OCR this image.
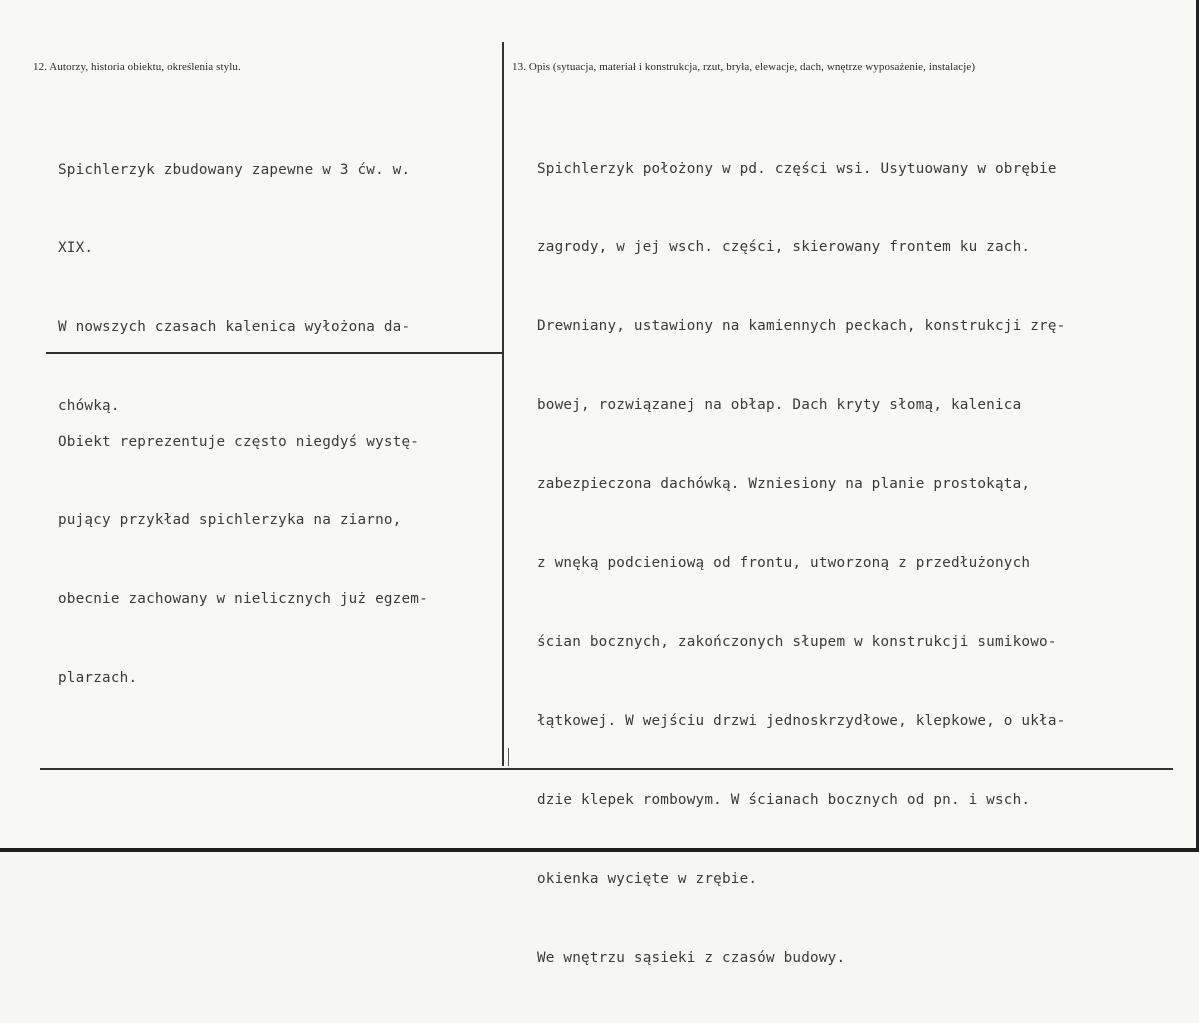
12. Autorzy, historia obiektu, określenia stylu.	13. Opis (sytuacja, materiał i konstrukcja, rzut, bryła, elewacje, dach, wnętrze wyposażenie, instalacje)

Spichlerzyk zbudowany zapewne w 3 ćw. w.

XIX.

W nowszych czasach kalenica wyłożona da-

chówką.

Obiekt reprezentuje często niegdyś wystę-

pujący przykład spichlerzyka na ziarno,

obecnie zachowany w nielicznych już egzem-

plarzach.

Spichlerzyk położony w pd. części wsi. Usytuowany w obrębie

zagrody, w jej wsch. części, skierowany frontem ku zach.

Drewniany, ustawiony na kamiennych peckach, konstrukcji zrę-

bowej, rozwiązanej na obłap. Dach kryty słomą, kalenica

zabezpieczona dachówką. Wzniesiony na planie prostokąta,

z wnęką podcieniową od frontu, utworzoną z przedłużonych

ścian bocznych, zakończonych słupem w konstrukcji sumikowo-

łątkowej. W wejściu drzwi jednoskrzydłowe, klepkowe, o ukła-

dzie klepek rombowym. W ścianach bocznych od pn. i wsch.

okienka wycięte w zrębie.

We wnętrzu sąsieki z czasów budowy.
